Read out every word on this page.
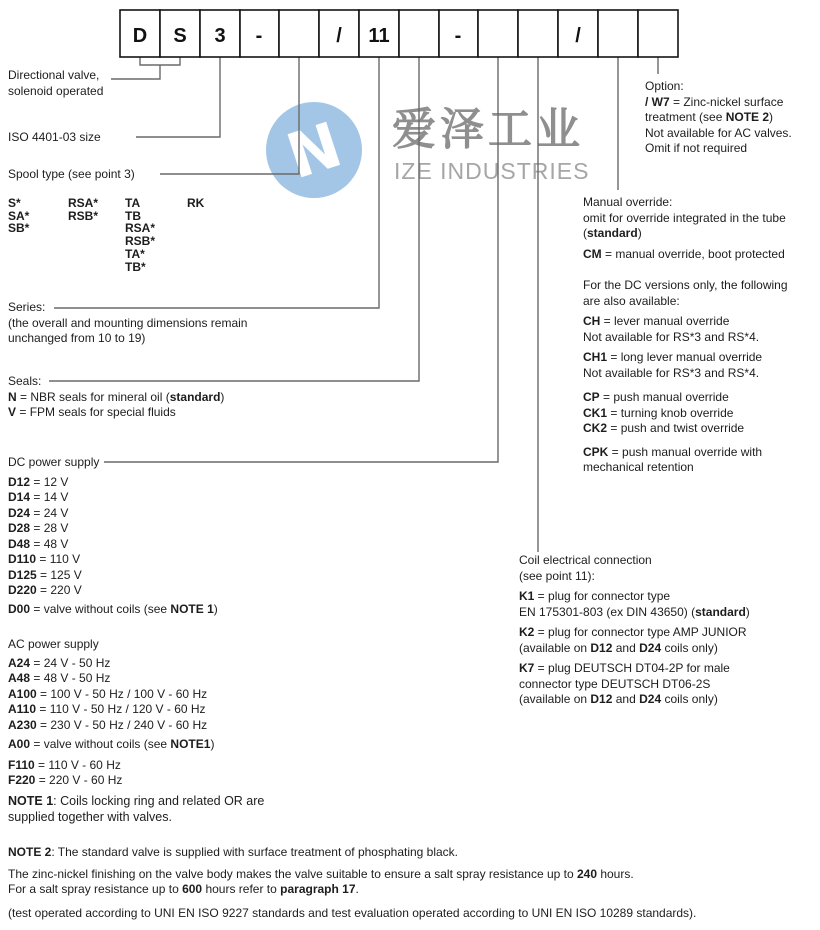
N 爱泽工业
IZE INDUSTRIES
D S 3 -	/ 11	-	/
Directional valve,
solenoid operated
ISO 4401-03 size
Spool type (see point 3)
S*
SA*
SB*
RSA*
RSB*
TA
TB
RSA*
RSB*
TA*
TB*
RK
Series:
(the overall and mounting dimensions remain
unchanged from 10 to 19)
Seals:
N = NBR seals for mineral oil (standard)
V = FPM seals for special fluids
DC power supply
D12 = 12 V
D14 = 14 V
D24 = 24 V
D28 = 28 V
D48 = 48 V
D110 = 110 V
D125 = 125 V
D220 = 220 V
D00 = valve without coils (see NOTE 1)
AC power supply
A24 = 24 V - 50 Hz
A48 = 48 V - 50 Hz
A100 = 100 V - 50 Hz / 100 V - 60 Hz
A110 = 110 V - 50 Hz / 120 V - 60 Hz
A230 = 230 V - 50 Hz / 240 V - 60 Hz
A00 = valve without coils (see NOTE1)
F110 = 110 V - 60 Hz
F220 = 220 V - 60 Hz
Option:
/ W7 = Zinc-nickel surface
treatment (see NOTE 2)
Not available for AC valves.
Omit if not required
Manual override:
omit for override integrated in the tube
(standard)
CM = manual override, boot protected
For the DC versions only, the following
are also available:
CH = lever manual override
Not available for RS*3 and RS*4.
CH1 = long lever manual override
Not available for RS*3 and RS*4.
CP = push manual override
CK1 = turning knob override
CK2 = push and twist override
CPK = push manual override with
mechanical retention
Coil electrical connection
(see point 11):
K1 = plug for connector type
EN 175301-803 (ex DIN 43650) (standard)
K2 = plug for connector type AMP JUNIOR
(available on D12 and D24 coils only)
K7 = plug DEUTSCH DT04-2P for male
connector type DEUTSCH DT06-2S
(available on D12 and D24 coils only)
NOTE 1: Coils locking ring and related OR are
supplied together with valves.
NOTE 2: The standard valve is supplied with surface treatment of phosphating black.
The zinc-nickel finishing on the valve body makes the valve suitable to ensure a salt spray resistance up to 240 hours.
For a salt spray resistance up to 600 hours refer to paragraph 17.
(test operated according to UNI EN ISO 9227 standards and test evaluation operated according to UNI EN ISO 10289 standards).
